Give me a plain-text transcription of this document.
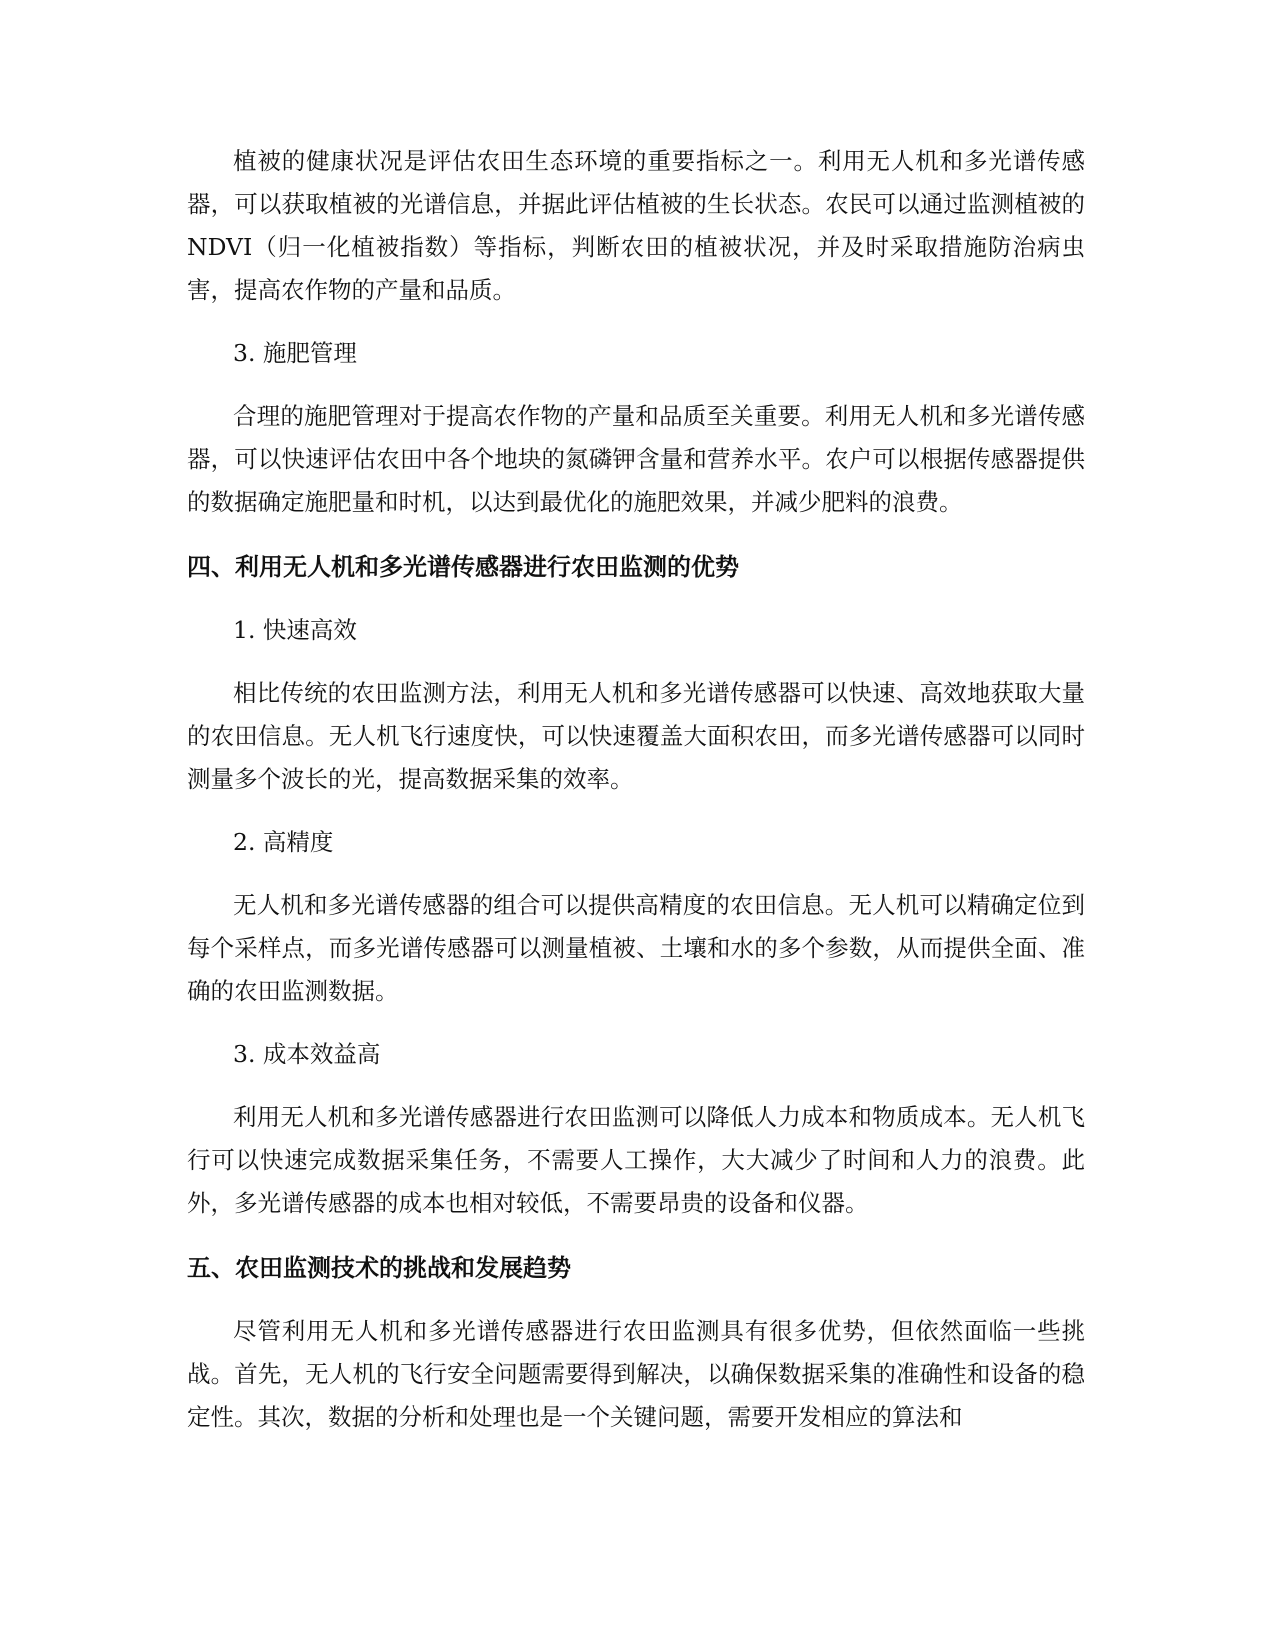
植被的健康状况是评估农田生态环境的重要指标之一。利用无人机和多光谱传感器，可以获取植被的光谱信息，并据此评估植被的生长状态。农民可以通过监测植被的NDVI（归一化植被指数）等指标，判断农田的植被状况，并及时采取措施防治病虫害，提高农作物的产量和品质。

3. 施肥管理

合理的施肥管理对于提高农作物的产量和品质至关重要。利用无人机和多光谱传感器，可以快速评估农田中各个地块的氮磷钾含量和营养水平。农户可以根据传感器提供的数据确定施肥量和时机，以达到最优化的施肥效果，并减少肥料的浪费。

四、利用无人机和多光谱传感器进行农田监测的优势

1. 快速高效

相比传统的农田监测方法，利用无人机和多光谱传感器可以快速、高效地获取大量的农田信息。无人机飞行速度快，可以快速覆盖大面积农田，而多光谱传感器可以同时测量多个波长的光，提高数据采集的效率。

2. 高精度

无人机和多光谱传感器的组合可以提供高精度的农田信息。无人机可以精确定位到每个采样点，而多光谱传感器可以测量植被、土壤和水的多个参数，从而提供全面、准确的农田监测数据。

3. 成本效益高

利用无人机和多光谱传感器进行农田监测可以降低人力成本和物质成本。无人机飞行可以快速完成数据采集任务，不需要人工操作，大大减少了时间和人力的浪费。此外，多光谱传感器的成本也相对较低，不需要昂贵的设备和仪器。

五、农田监测技术的挑战和发展趋势

尽管利用无人机和多光谱传感器进行农田监测具有很多优势，但依然面临一些挑战。首先，无人机的飞行安全问题需要得到解决，以确保数据采集的准确性和设备的稳定性。其次，数据的分析和处理也是一个关键问题，需要开发相应的算法和
